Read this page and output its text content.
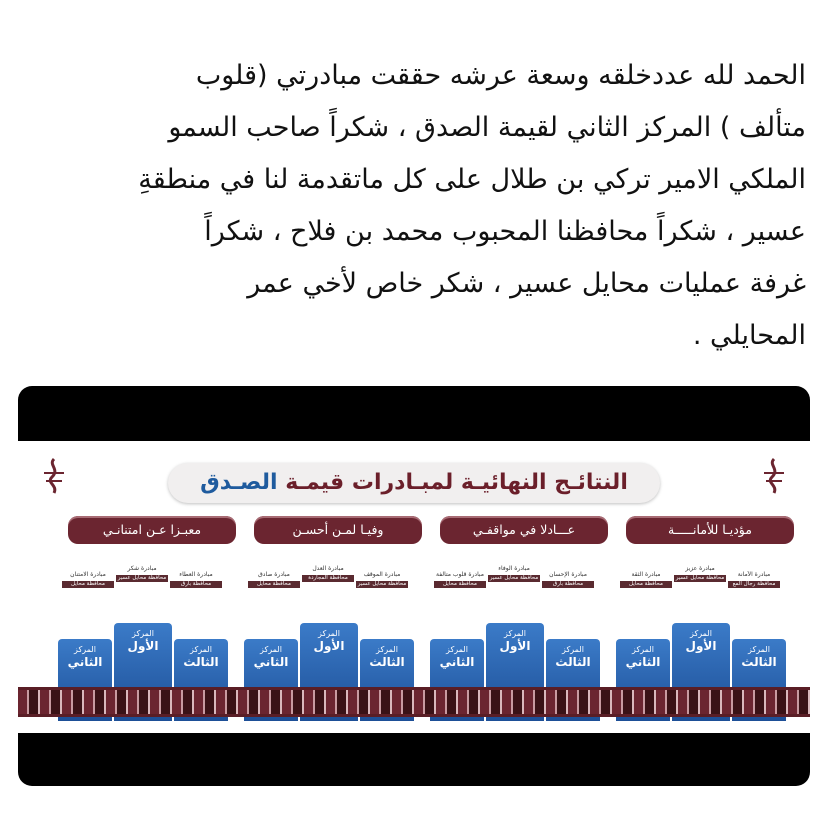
الحمد لله عددخلقه وسعة عرشه حققت مبادرتي (قلوب
متألف ) المركز الثاني لقيمة الصدق ، شكراً صاحب السمو
الملكي الامير تركي بن طلال على كل ماتقدمة لنا في منطقةِ
عسير ، شكراً محافظنا المحبوب محمد بن فلاح ، شكراً
غرفة عمليات محايل عسير ، شكر خاص لأخي عمر
المحايلي .
النتائـج النهائيـة لمبـادرات قيمـة الصـدق
مؤديـا للأمانـــــة
عـــادلا في مواقفـي
وفيـا لمـن أحسـن
معبـزا عـن امتنانـي
مبادرة الثقة
محافظة محايل
مبادرة عزيز
محافظة محايل عسير	مبادرة الأمانة
محافظة رجال ألمع
المركز
الثاني
المركز
الأول	المركز
الثالث
مبادرة قلوب متألفة
محافظة محايل
مبادرة الوفاء
محافظة محايل عسير	مبادرة الإحسان
محافظة بارق
المركز
الثاني
المركز
الأول	المركز
الثالث
مبادرة صادق
محافظة محايل
مبادرة العدل
محافظة المجاردة	مبادرة الموقف
محافظة محايل عسير
المركز
الثاني
المركز
الأول	المركز
الثالث
مبادرة الامتنان
محافظة محايل
مبادرة شكر
محافظة محايل عسير	مبادرة العطاء
محافظة بارق
المركز
الثاني
المركز
الأول	المركز
الثالث
